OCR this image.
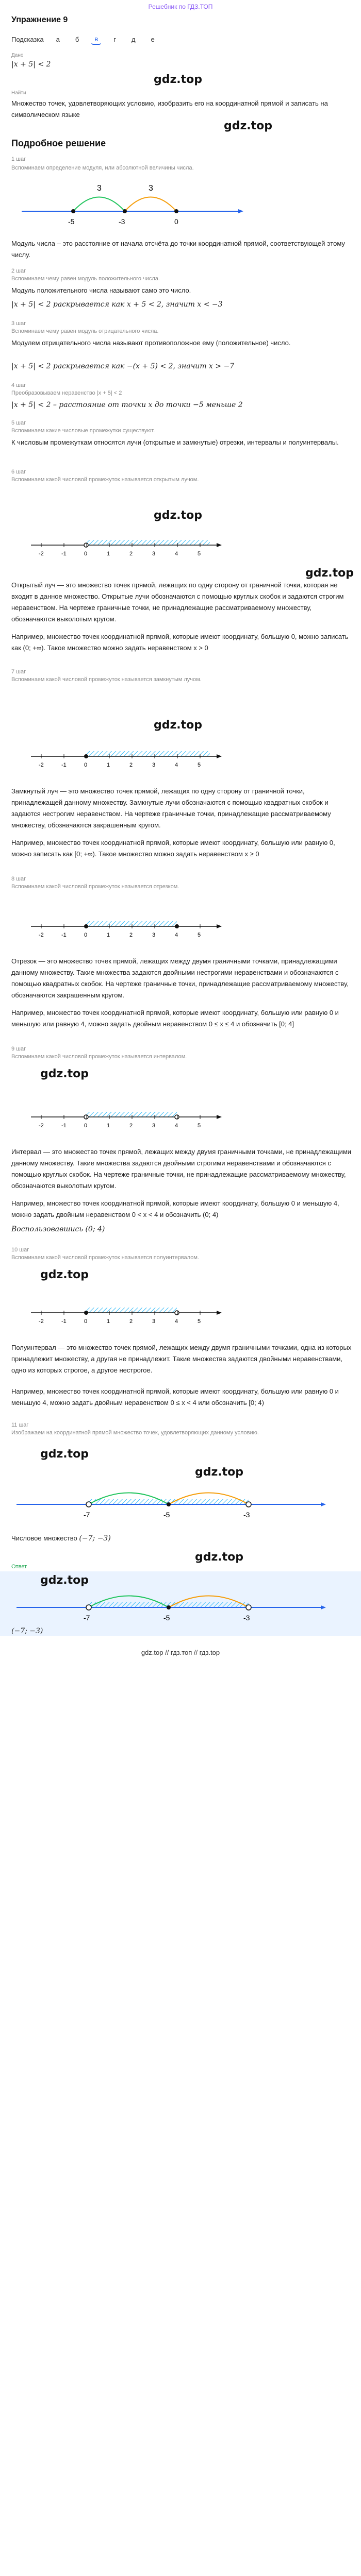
Решебник по ГДЗ.ТОП
Упражнение 9
Подсказка	а	б	в	г	д	е
Дано
|x + 5| < 2
gdz.top
Найти
Множество точек, удовлетворяющих условию, изобразить его на координатной прямой и записать на символическом языке
gdz.top
Подробное решение
1 шаг
Вспоминаем определение модуля, или абсолютной величины числа.
3	3
-5	-3	0
Модуль числа – это расстояние от начала отсчёта до точки координатной прямой, соответствующей этому числу.
2 шаг
Вспоминаем чему равен модуль положительного числа.
Модуль положительного числа называют само это число.
|x + 5| < 2 раскрывается как x + 5 < 2, значит x < −3
3 шаг
Вспоминаем чему равен модуль отрицательного числа.
Модулем отрицательного числа называют противоположное ему (положительное) число.
|x + 5| < 2 раскрывается как −(x + 5) < 2, значит x > −7
4 шаг
Преобразовываем неравенство |x + 5| < 2
|x + 5| < 2 – расстояние от точки x до точки −5 меньше 2
5 шаг
Вспоминаем какие числовые промежутки существуют.
К числовым промежуткам относятся лучи (открытые и замкнутые) отрезки, интервалы и полуинтервалы.
6 шаг
Вспоминаем какой числовой промежуток называется открытым лучом.
gdz.top
-2	-1	0	1	2	3	4	5
gdz.top
Открытый луч — это множество точек прямой, лежащих по одну сторону от граничной точки, которая не входит в данное множество. Открытые лучи обозначаются с помощью круглых скобок и задаются строгим неравенством. На чертеже граничные точки, не принадлежащие рассматриваемому множеству, обозначаются выколотым кругом.
Например, множество точек координатной прямой, которые имеют координату, большую 0, можно записать как (0; +∞). Такое множество можно задать неравенством x > 0
7 шаг
Вспоминаем какой числовой промежуток называется замкнутым лучом.
gdz.top
-2	-1	0	1	2	3	4	5
Замкнутый луч — это множество точек прямой, лежащих по одну сторону от граничной точки, принадлежащей данному множеству. Замкнутые лучи обозначаются с помощью квадратных скобок и задаются нестрогим неравенством. На чертеже граничные точки, принадлежащие рассматриваемому множеству, обозначаются закрашенным кругом.
Например, множество точек координатной прямой, которые имеют координату, большую или равную 0, можно записать как [0; +∞). Такое множество можно задать неравенством x ≥ 0
8 шаг
Вспоминаем какой числовой промежуток называется отрезком.
-2	-1	0	1	2	3	4	5
Отрезок — это множество точек прямой, лежащих между двумя граничными точками, принадлежащими данному множеству. Такие множества задаются двойными нестрогими неравенствами и обозначаются с помощью квадратных скобок. На чертеже граничные точки, принадлежащие рассматриваемому множеству, обозначаются закрашенным кругом.
Например, множество точек координатной прямой, которые имеют координату, большую или равную 0 и меньшую или равную 4, можно задать двойным неравенством 0 ≤ x ≤ 4 и обозначить [0; 4]
9 шаг
Вспоминаем какой числовой промежуток называется интервалом.
gdz.top
-2	-1	0	1	2	3	4	5
Интервал — это множество точек прямой, лежащих между двумя граничными точками, не принадлежащими данному множеству. Такие множества задаются двойными строгими неравенствами и обозначаются с помощью круглых скобок. На чертеже граничные точки, не принадлежащие рассматриваемому множеству, обозначаются выколотым кругом.
Например, множество точек координатной прямой, которые имеют координату, большую 0 и меньшую 4, можно задать двойным неравенством 0 < x < 4 и обозначить (0; 4)
Воспользовавшись (0; 4)
10 шаг
Вспоминаем какой числовой промежуток называется полуинтервалом.
gdz.top
-2	-1	0	1	2	3	4	5
Полуинтервал — это множество точек прямой, лежащих между двумя граничными точками, одна из которых принадлежит множеству, а другая не принадлежит. Такие множества задаются двойными неравенствами, одно из которых строгое, а другое нестрогое.
Например, множество точек координатной прямой, которые имеют координату, большую или равную 0 и меньшую 4, можно задать двойным неравенством 0 ≤ x < 4 или обозначить [0; 4)
11 шаг
Изображаем на координатной прямой множество точек, удовлетворяющих данному условию.
gdz.top
gdz.top
-7	-5	-3
Числовое множество (−7; −3)
gdz.top
Ответ
gdz.top
-7	-5	-3
(−7; −3)
gdz.top // гдз.топ // гдз.top
